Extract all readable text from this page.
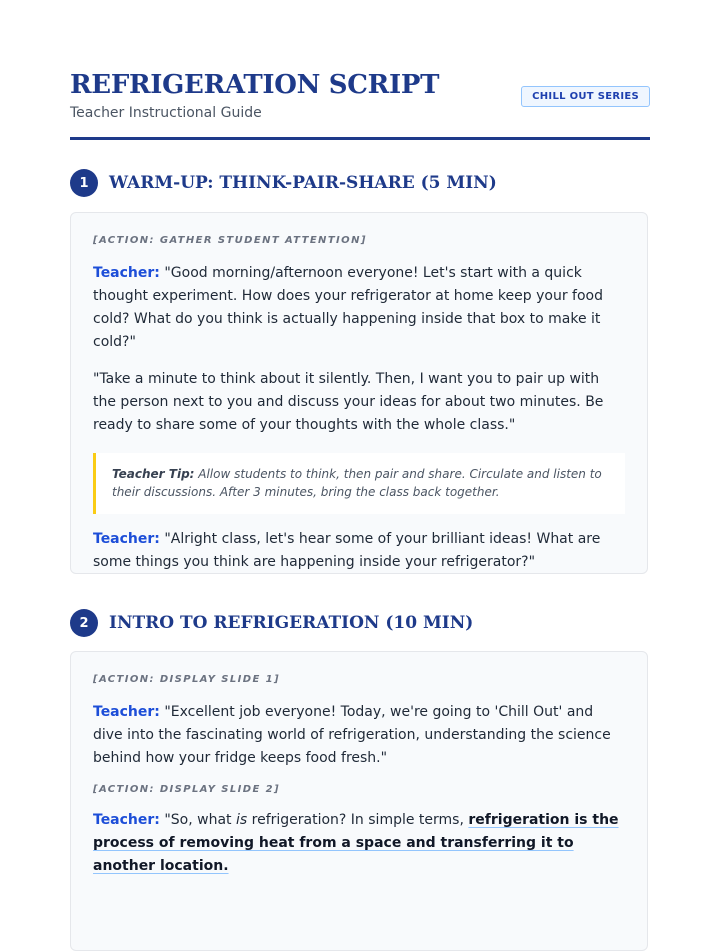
REFRIGERATION SCRIPT
Teacher Instructional Guide
CHILL OUT SERIES
1	WARM-UP: THINK-PAIR-SHARE (5 MIN)
[ACTION: GATHER STUDENT ATTENTION]
Teacher: "Good morning/afternoon everyone! Let's start with a quick thought experiment. How does your refrigerator at home keep your food cold? What do you think is actually happening inside that box to make it cold?"
"Take a minute to think about it silently. Then, I want you to pair up with the person next to you and discuss your ideas for about two minutes. Be ready to share some of your thoughts with the whole class."
Teacher Tip: Allow students to think, then pair and share. Circulate and listen to their discussions. After 3 minutes, bring the class back together.
Teacher: "Alright class, let's hear some of your brilliant ideas! What are some things you think are happening inside your refrigerator?"
2	INTRO TO REFRIGERATION (10 MIN)
[ACTION: DISPLAY SLIDE 1]
Teacher: "Excellent job everyone! Today, we're going to 'Chill Out' and dive into the fascinating world of refrigeration, understanding the science behind how your fridge keeps food fresh."
[ACTION: DISPLAY SLIDE 2]
Teacher: "So, what is refrigeration? In simple terms, refrigeration is the process of removing heat from a space and transferring it to another location.
